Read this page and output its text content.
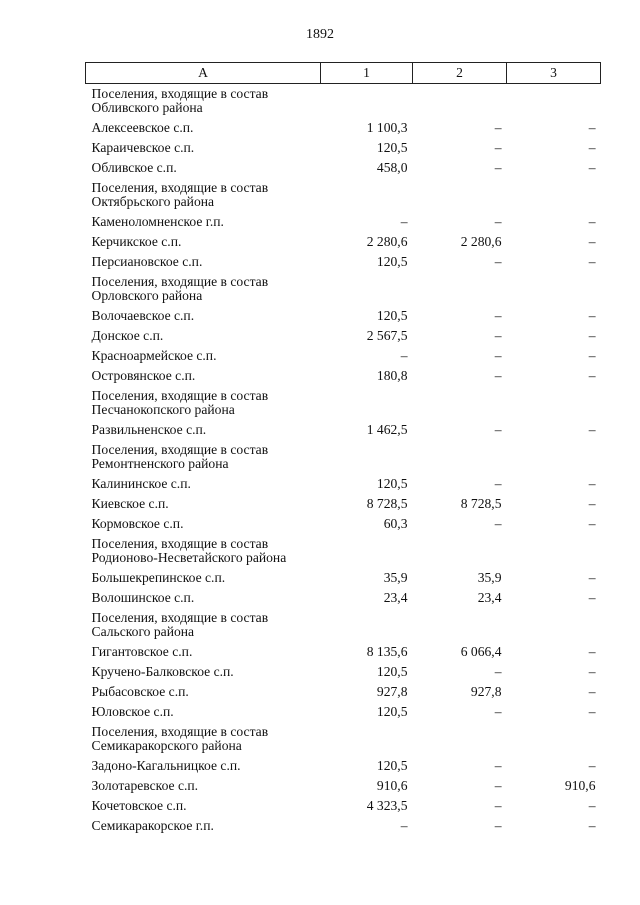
1892
А	1	2	3
Поселения, входящие в состав Обливского района			
Алексеевское с.п.	1 100,3	–	–
Караичевское с.п.	120,5	–	–
Обливское с.п.	458,0	–	–
Поселения, входящие в состав Октябрьского района			
Каменоломненское г.п.	–	–	–
Керчикское с.п.	2 280,6	2 280,6	–
Персиановское с.п.	120,5	–	–
Поселения, входящие в состав Орловского района			
Волочаевское с.п.	120,5	–	–
Донское с.п.	2 567,5	–	–
Красноармейское с.п.	–	–	–
Островянское с.п.	180,8	–	–
Поселения, входящие в состав Песчанокопского района			
Развильненское с.п.	1 462,5	–	–
Поселения, входящие в состав Ремонтненского района			
Калининское с.п.	120,5	–	–
Киевское с.п.	8 728,5	8 728,5	–
Кормовское с.п.	60,3	–	–
Поселения, входящие в состав Родионово-Несветайского района			
Большекрепинское с.п.	35,9	35,9	–
Волошинское с.п.	23,4	23,4	–
Поселения, входящие в состав Сальского района			
Гигантовское с.п.	8 135,6	6 066,4	–
Кручено-Балковское с.п.	120,5	–	–
Рыбасовское с.п.	927,8	927,8	–
Юловское с.п.	120,5	–	–
Поселения, входящие в состав Семикаракорского района			
Задоно-Кагальницкое с.п.	120,5	–	–
Золотаревское с.п.	910,6	–	910,6
Кочетовское с.п.	4 323,5	–	–
Семикаракорское г.п.	–	–	–
